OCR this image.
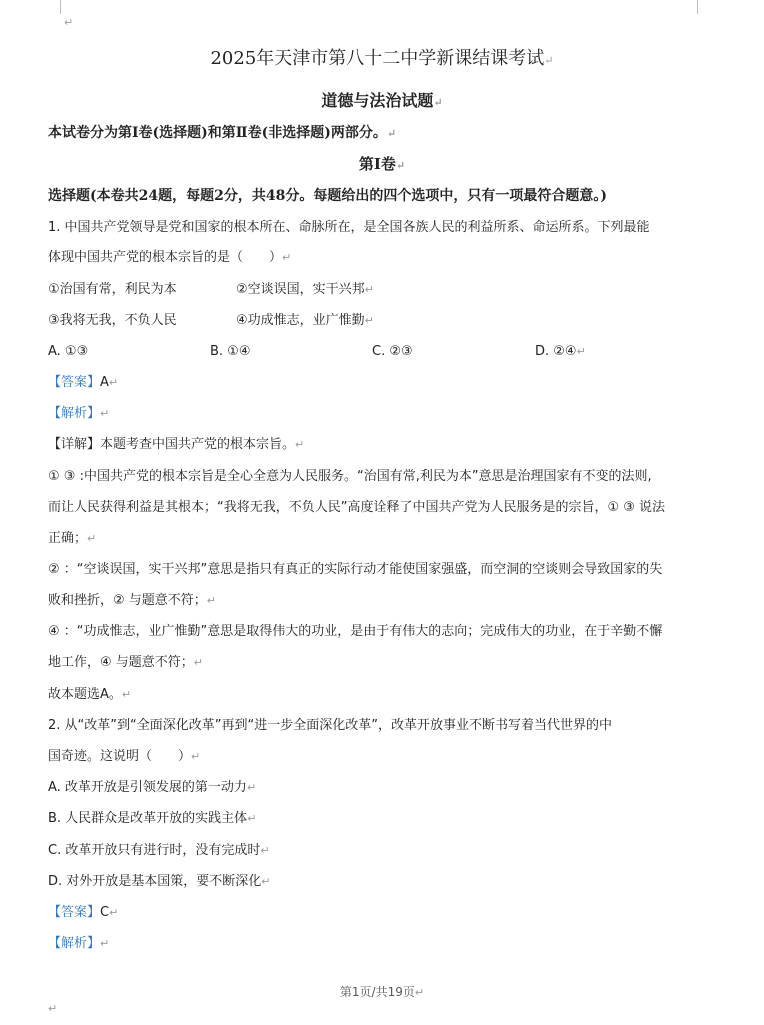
↵
2025年天津市第八十二中学新课结课考试↵
道德与法治试题↵
本试卷分为第Ⅰ卷(选择题)和第Ⅱ卷(非选择题)两部分。↵
第Ⅰ卷↵
选择题(本卷共24题，每题2分，共48分。每题给出的四个选项中，只有一项最符合题意。)
1. 中国共产党领导是党和国家的根本所在、命脉所在，是全国各族人民的利益所系、命运所系。下列最能
体现中国共产党的根本宗旨的是（　　）↵
①治国有常，利民为本	②空谈误国，实干兴邦↵
③我将无我，不负人民	④功成惟志，业广惟勤↵
A. ①③	B. ①④	C. ②③	D. ②④↵
【答案】A↵
【解析】↵
【详解】本题考查中国共产党的根本宗旨。↵
① ③ :中国共产党的根本宗旨是全心全意为人民服务。“治国有常,利民为本”意思是治理国家有不变的法则,
而让人民获得利益是其根本；“我将无我，不负人民”高度诠释了中国共产党为人民服务是的宗旨，① ③ 说法
正确；↵
② ：“空谈误国，实干兴邦”意思是指只有真正的实际行动才能使国家强盛，而空洞的空谈则会导致国家的失
败和挫折，② 与题意不符；↵
④ ：“功成惟志，业广惟勤”意思是取得伟大的功业，是由于有伟大的志向；完成伟大的功业，在于辛勤不懈
地工作，④ 与题意不符；↵
故本题选A。↵
2. 从“改革”到“全面深化改革”再到“进一步全面深化改革”，改革开放事业不断书写着当代世界的中
国奇迹。这说明（　　）↵
A. 改革开放是引领发展的第一动力↵
B. 人民群众是改革开放的实践主体↵
C. 改革开放只有进行时，没有完成时↵
D. 对外开放是基本国策，要不断深化↵
【答案】C↵
【解析】↵
第1页/共19页↵
↵
